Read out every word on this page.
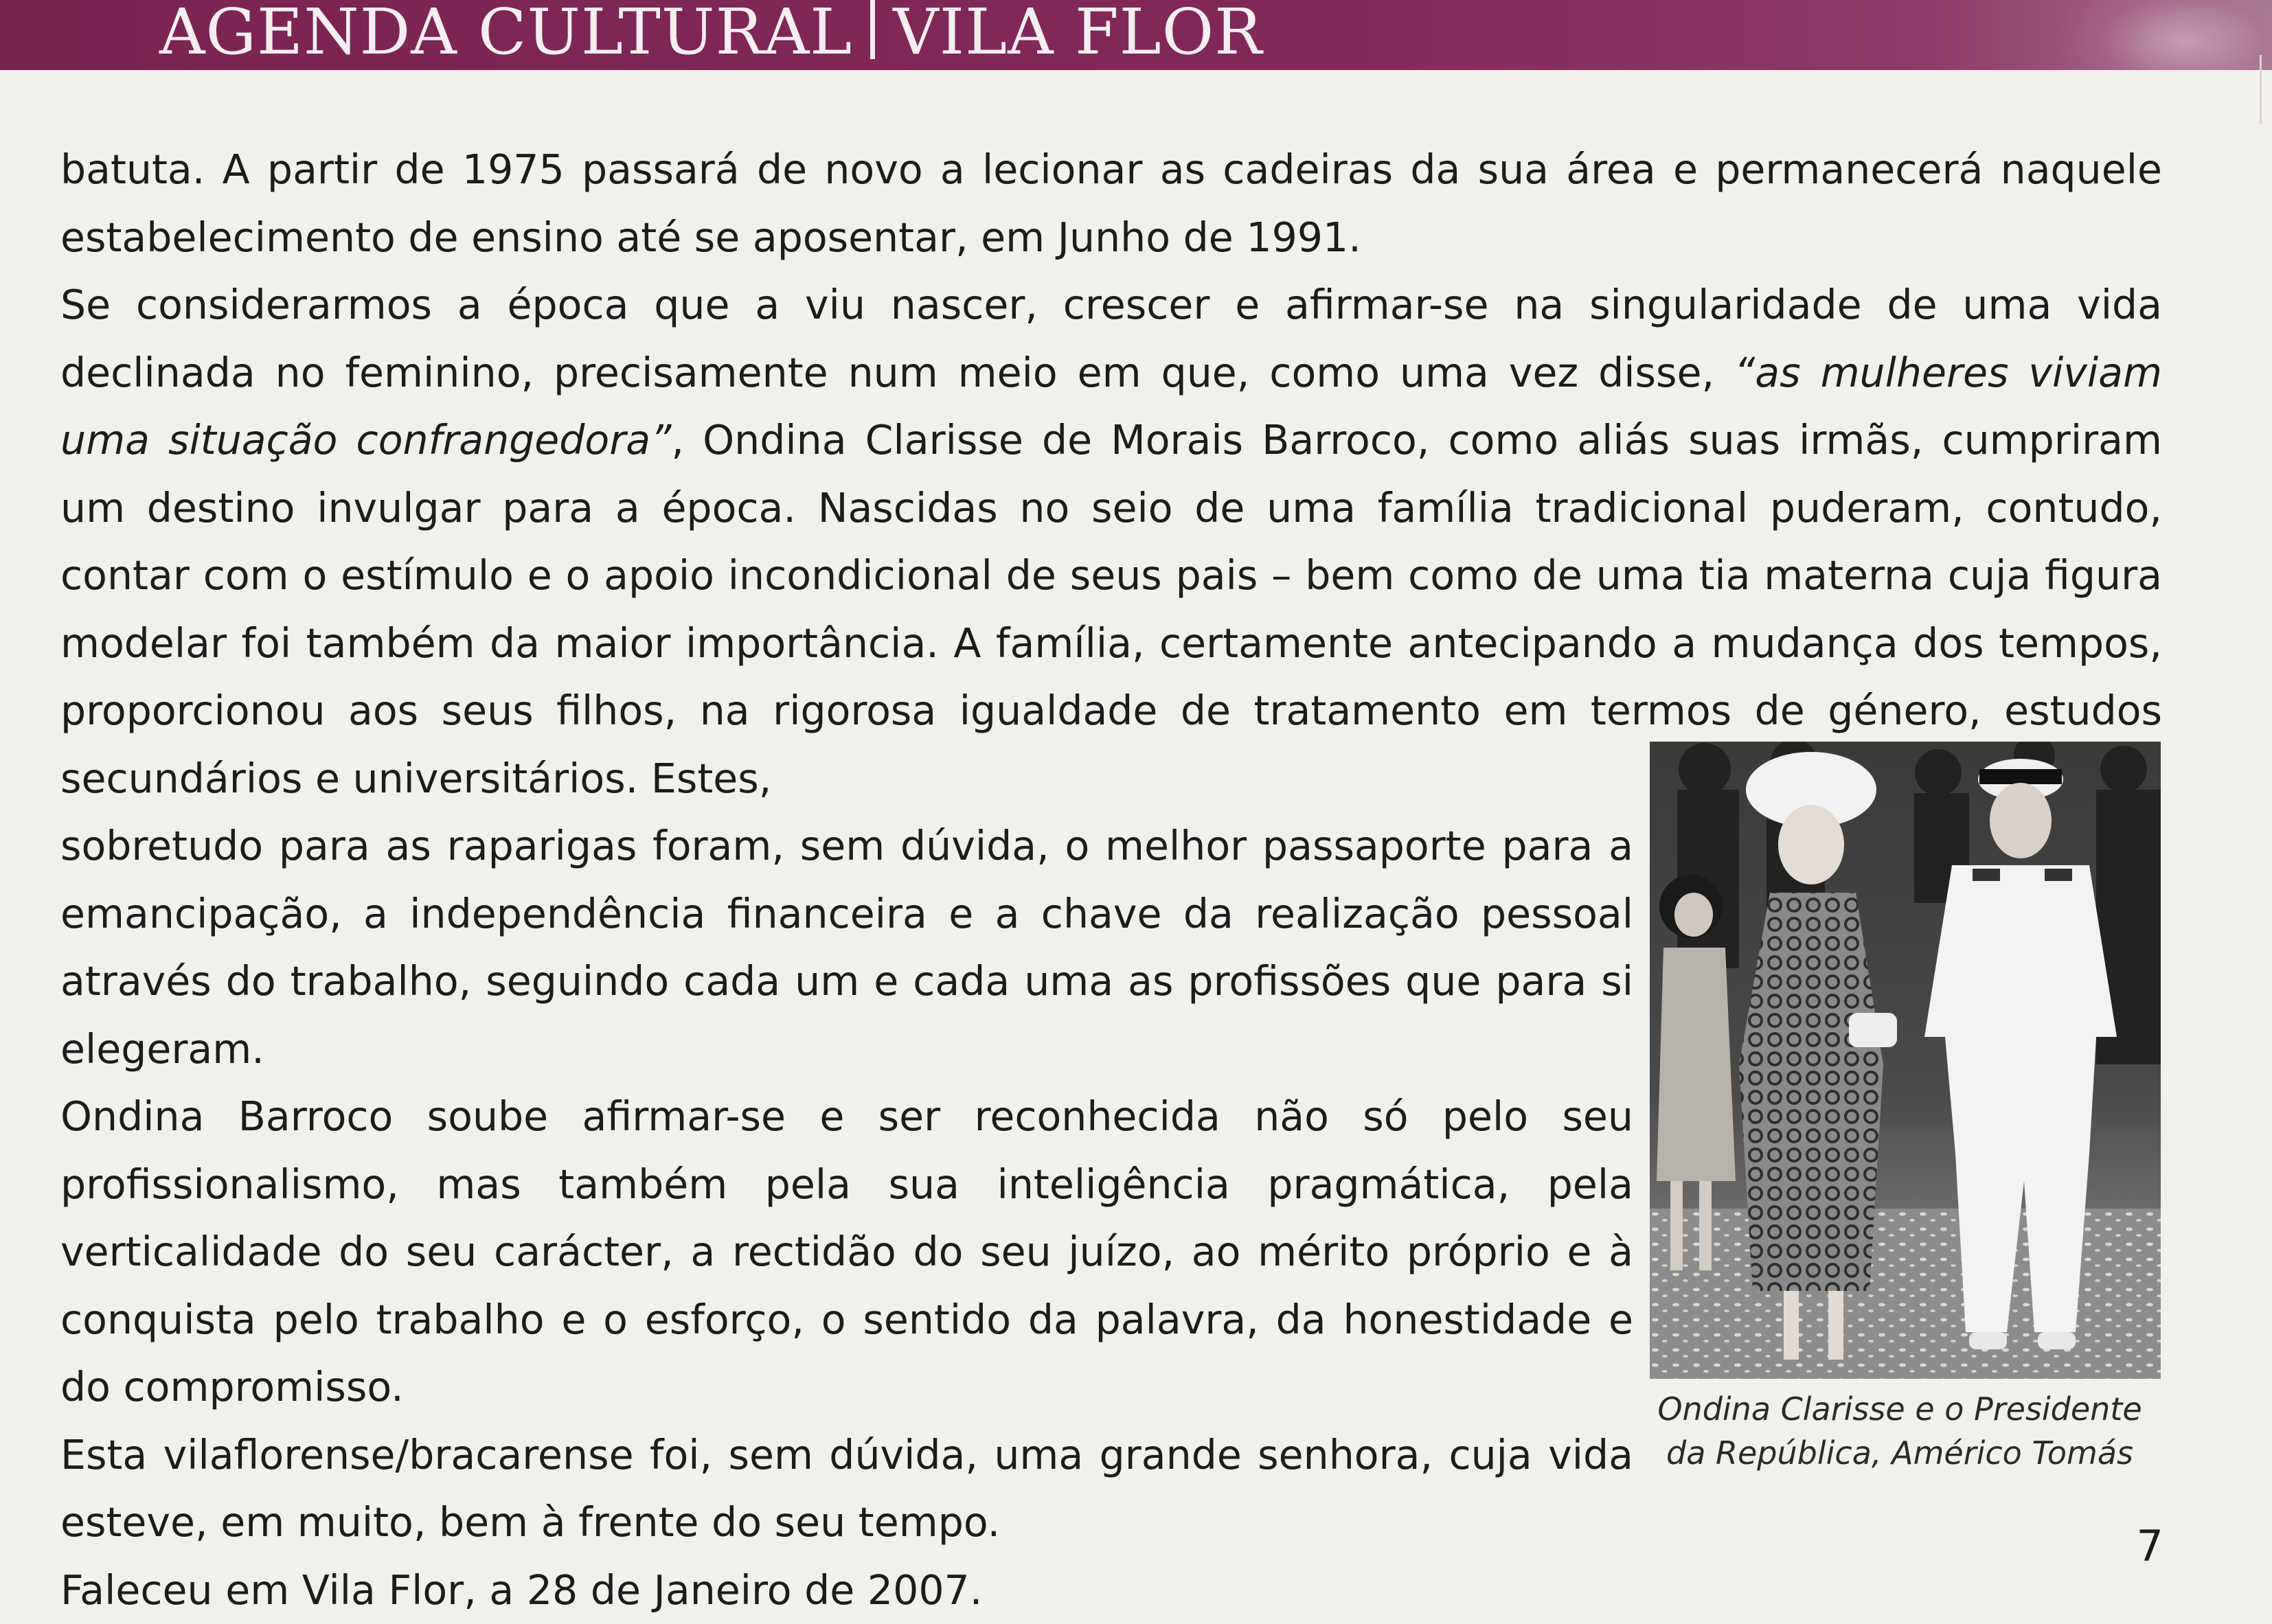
AGENDA CULTURAL VILA FLOR

batuta. A partir de 1975 passará de novo a lecionar as cadeiras da sua área e permanecerá naquele estabelecimento de ensino até se aposentar, em Junho de 1991.

Se considerarmos a época que a viu nascer, crescer e afirmar-se na singularidade de uma vida declinada no feminino, precisamente num meio em que, como uma vez disse, “as mulheres viviam uma situação confrangedora”, Ondina Clarisse de Morais Barroco, como aliás suas irmãs, cumpriram um destino invulgar para a época. Nascidas no seio de uma família tradicional puderam, contudo, contar com o estímulo e o apoio incondicional de seus pais – bem como de uma tia materna cuja figura modelar foi também da maior importância. A família, certamente antecipando a mudança dos tempos, proporcionou aos seus filhos, na rigorosa igualdade de tratamento em termos de género, estudos secundários e universitários. Estes,

sobretudo para as raparigas foram, sem dúvida, o melhor passaporte para a emancipação, a independência financeira e a chave da realização pessoal através do trabalho, seguindo cada um e cada uma as profissões que para si elegeram.

Ondina Barroco soube afirmar-se e ser reconhecida não só pelo seu profissionalismo, mas também pela sua inteligência pragmática, pela verticalidade do seu carácter, a rectidão do seu juízo, ao mérito próprio e à conquista pelo trabalho e o esforço, o sentido da palavra, da honestidade e do compromisso.

Esta vilaflorense/bracarense foi, sem dúvida, uma grande senhora, cuja vida esteve, em muito, bem à frente do seu tempo.

Faleceu em Vila Flor, a 28 de Janeiro de 2007.

Ondina Clarisse e o Presidente
da República, Américo Tomás
7
